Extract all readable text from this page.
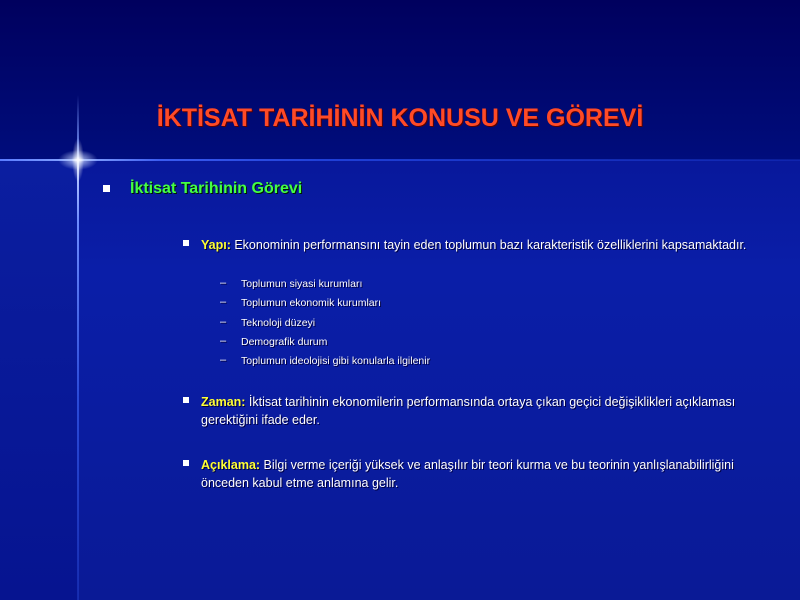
İKTİSAT TARİHİNİN KONUSU VE GÖREVİ
İktisat Tarihinin Görevi
Yapı: Ekonominin performansını tayin eden toplumun bazı karakteristik özelliklerini kapsamaktadır.
– Toplumun siyasi kurumları
– Toplumun ekonomik kurumları
– Teknoloji düzeyi
– Demografik durum
– Toplumun ideolojisi gibi konularla ilgilenir
Zaman: İktisat tarihinin ekonomilerin performansında ortaya çıkan geçici değişiklikleri açıklaması gerektiğini ifade eder.
Açıklama: Bilgi verme içeriği yüksek ve anlaşılır bir teori kurma ve bu teorinin yanlışlanabilirliğini önceden kabul etme anlamına gelir.
